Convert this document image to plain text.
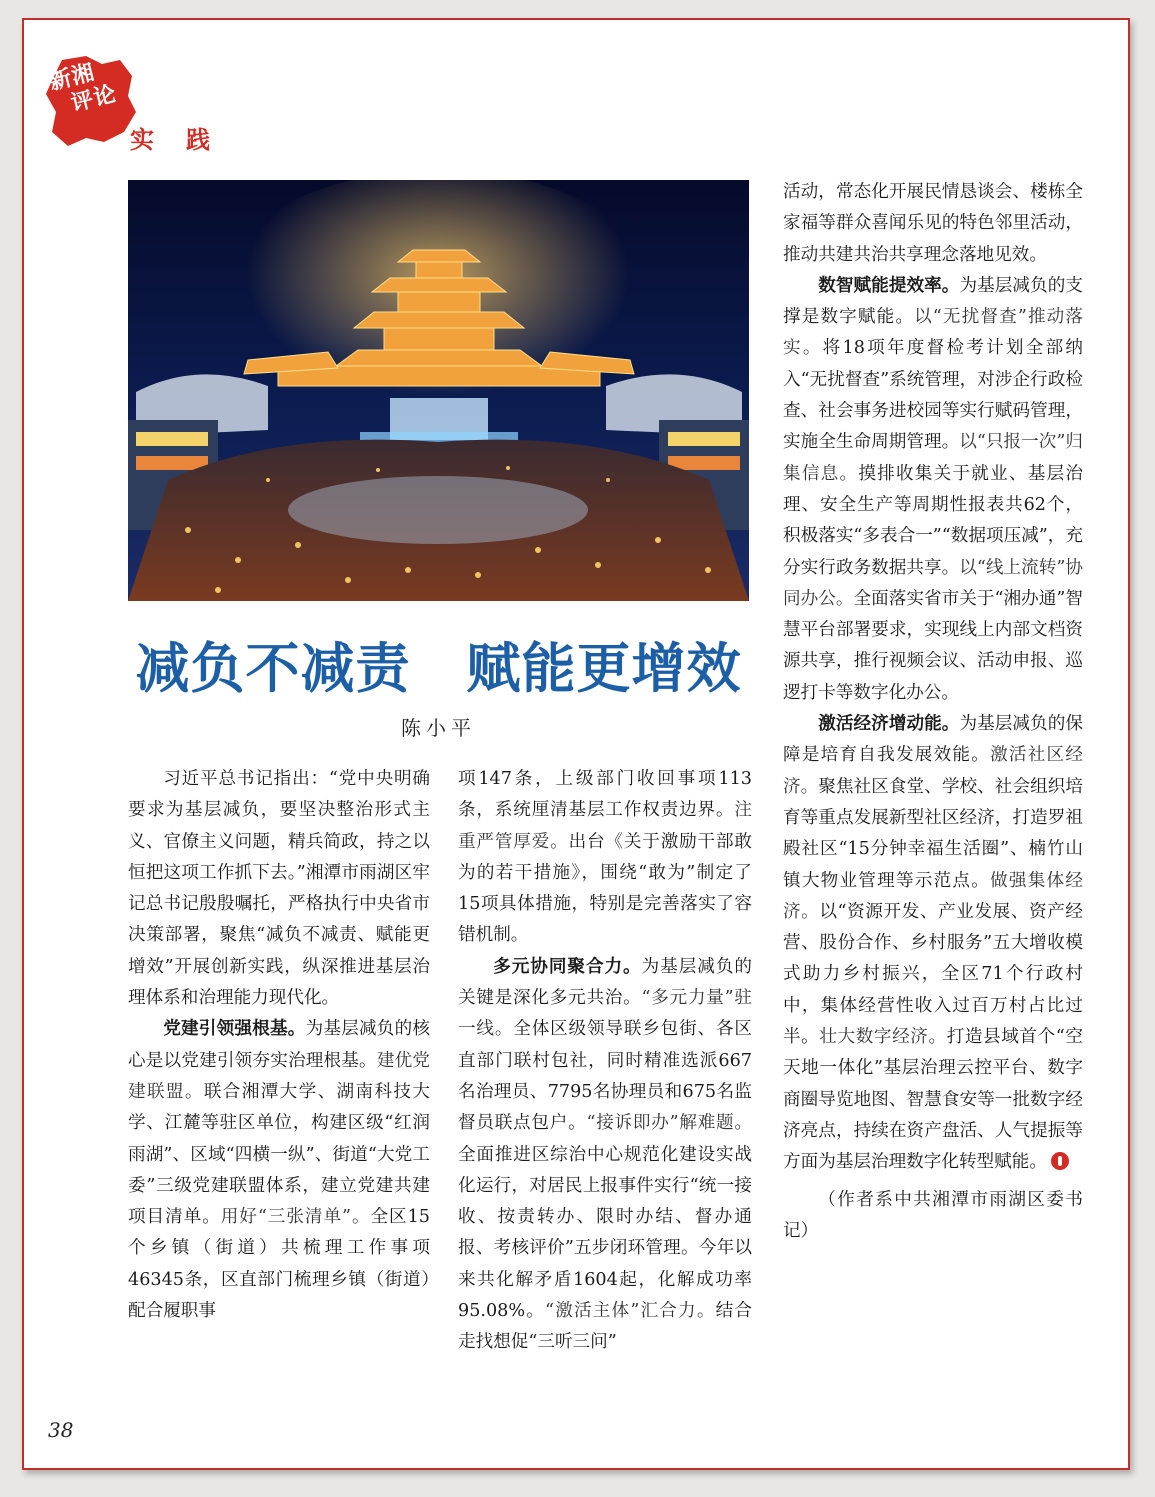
新湘
评论
实践
减负不减责 赋能更增效
陈小平

习近平总书记指出：“党中央明确要求为基层减负，要坚决整治形式主义、官僚主义问题，精兵简政，持之以恒把这项工作抓下去。”湘潭市雨湖区牢记总书记殷殷嘱托，严格执行中央省市决策部署，聚焦“减负不减责、赋能更增效”开展创新实践，纵深推进基层治理体系和治理能力现代化。

党建引领强根基。为基层减负的核心是以党建引领夯实治理根基。建优党建联盟。联合湘潭大学、湖南科技大学、江麓等驻区单位，构建区级“红润雨湖”、区域“四横一纵”、街道“大党工委”三级党建联盟体系，建立党建共建项目清单。用好“三张清单”。全区15个乡镇（街道）共梳理工作事项46345条，区直部门梳理乡镇（街道）配合履职事

项147条，上级部门收回事项113条，系统厘清基层工作权责边界。注重严管厚爱。出台《关于激励干部敢为的若干措施》，围绕“敢为”制定了15项具体措施，特别是完善落实了容错机制。

多元协同聚合力。为基层减负的关键是深化多元共治。“多元力量”驻一线。全体区级领导联乡包街、各区直部门联村包社，同时精准选派667名治理员、7795名协理员和675名监督员联点包户。“接诉即办”解难题。全面推进区综治中心规范化建设实战化运行，对居民上报事件实行“统一接收、按责转办、限时办结、督办通报、考核评价”五步闭环管理。今年以来共化解矛盾1604起，化解成功率95.08%。“激活主体”汇合力。结合走找想促“三听三问”

活动，常态化开展民情恳谈会、楼栋全家福等群众喜闻乐见的特色邻里活动，推动共建共治共享理念落地见效。

数智赋能提效率。为基层减负的支撑是数字赋能。以“无扰督查”推动落实。将18项年度督检考计划全部纳入“无扰督查”系统管理，对涉企行政检查、社会事务进校园等实行赋码管理，实施全生命周期管理。以“只报一次”归集信息。摸排收集关于就业、基层治理、安全生产等周期性报表共62个，积极落实“多表合一”“数据项压减”，充分实行政务数据共享。以“线上流转”协同办公。全面落实省市关于“湘办通”智慧平台部署要求，实现线上内部文档资源共享，推行视频会议、活动申报、巡逻打卡等数字化办公。

激活经济增动能。为基层减负的保障是培育自我发展效能。激活社区经济。聚焦社区食堂、学校、社会组织培育等重点发展新型社区经济，打造罗祖殿社区“15分钟幸福生活圈”、楠竹山镇大物业管理等示范点。做强集体经济。以“资源开发、产业发展、资产经营、股份合作、乡村服务”五大增收模式助力乡村振兴，全区71个行政村中，集体经营性收入过百万村占比过半。壮大数字经济。打造县域首个“空天地一体化”基层治理云控平台、数字商圈导览地图、智慧食安等一批数字经济亮点，持续在资产盘活、人气提振等方面为基层治理数字化转型赋能。

（作者系中共湘潭市雨湖区委书记）

38
